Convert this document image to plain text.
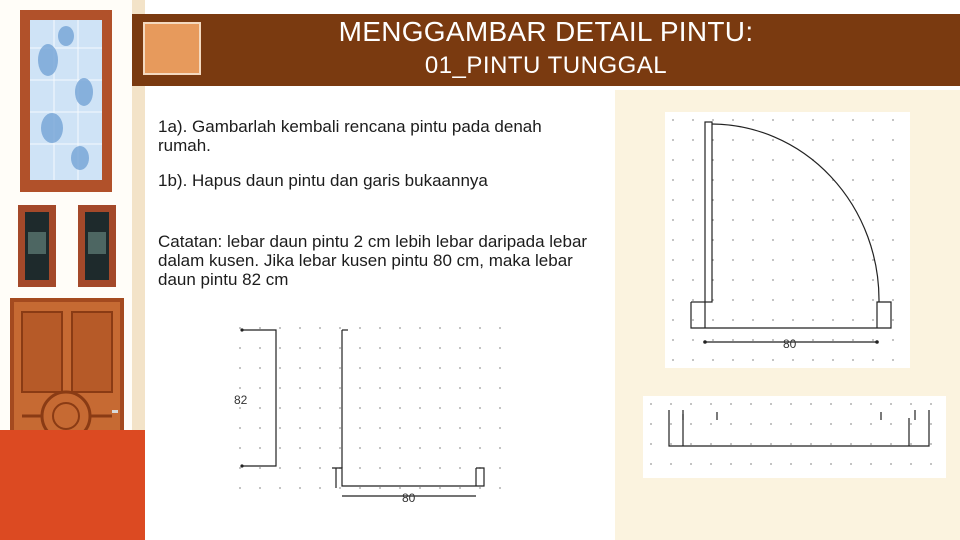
MENGGAMBAR DETAIL PINTU:
01_PINTU TUNGGAL
1a). Gambarlah kembali rencana pintu pada denah rumah.
1b). Hapus daun pintu dan garis bukaannya
Catatan: lebar daun pintu 2 cm lebih lebar daripada lebar dalam kusen. Jika lebar kusen pintu 80 cm, maka lebar daun pintu 82 cm
80
82
80
